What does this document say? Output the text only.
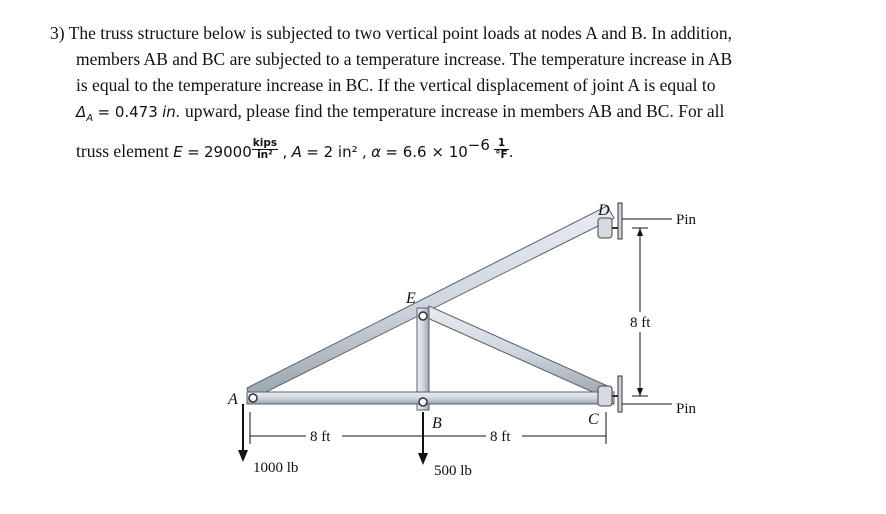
3) The truss structure below is subjected to two vertical point loads at nodes A and B. In addition,
members AB and BC are subjected to a temperature increase. The temperature increase in AB
is equal to the temperature increase in BC. If the vertical displacement of joint A is equal to
$\Delta_A = 0.473$ in. upward, please find the temperature increase in members AB and BC. For all
truss element $E = 29000 \frac{\text{kips}}{\text{in²}}$ , A = 2 in² , $\alpha = 6.6 \times 10^{-6} \frac{1}{^\circ F}$ .
A
B	C
D
E
Pin
Pin
8 ft
8 ft	8 ft
1000 lb	500 lb
